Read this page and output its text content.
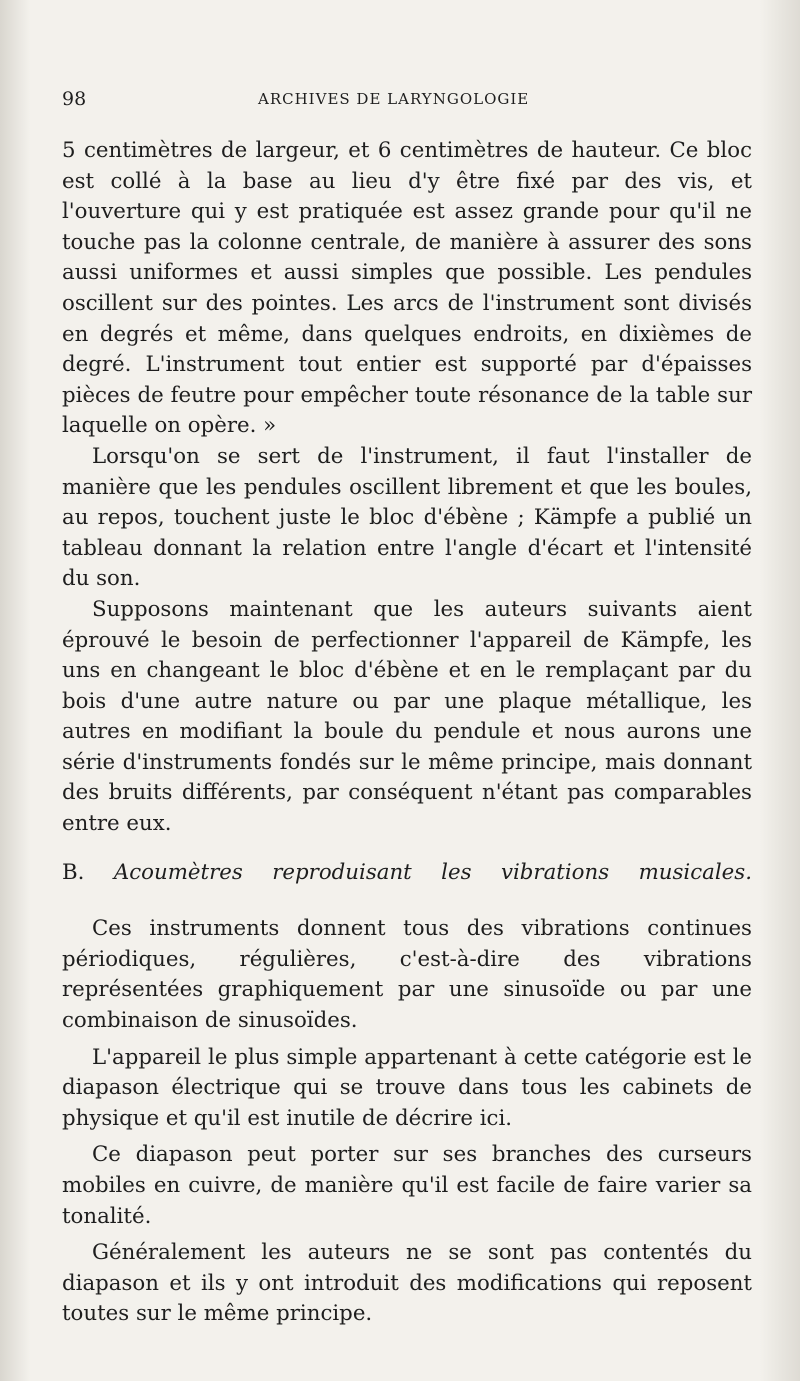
98	ARCHIVES DE LARYNGOLOGIE

5 centimètres de largeur, et 6 centimètres de hauteur. Ce bloc est collé à la base au lieu d'y être fixé par des vis, et l'ouverture qui y est pratiquée est assez grande pour qu'il ne touche pas la colonne centrale, de manière à assurer des sons aussi uniformes et aussi simples que possible. Les pendules oscillent sur des pointes. Les arcs de l'instrument sont divisés en degrés et même, dans quelques endroits, en dixièmes de degré. L'instrument tout entier est supporté par d'épaisses pièces de feutre pour empêcher toute résonance de la table sur laquelle on opère. »

Lorsqu'on se sert de l'instrument, il faut l'installer de manière que les pendules oscillent librement et que les boules, au repos, touchent juste le bloc d'ébène ; Kämpfe a publié un tableau donnant la relation entre l'angle d'écart et l'intensité du son.

Supposons maintenant que les auteurs suivants aient éprouvé le besoin de perfectionner l'appareil de Kämpfe, les uns en changeant le bloc d'ébène et en le remplaçant par du bois d'une autre nature ou par une plaque métallique, les autres en modifiant la boule du pendule et nous aurons une série d'instruments fondés sur le même principe, mais donnant des bruits différents, par conséquent n'étant pas comparables entre eux.

B. Acoumètres reproduisant les vibrations musicales.

Ces instruments donnent tous des vibrations continues périodiques, régulières, c'est-à-dire des vibrations représentées graphiquement par une sinusoïde ou par une combinaison de sinusoïdes.

L'appareil le plus simple appartenant à cette catégorie est le diapason électrique qui se trouve dans tous les cabinets de physique et qu'il est inutile de décrire ici.

Ce diapason peut porter sur ses branches des curseurs mobiles en cuivre, de manière qu'il est facile de faire varier sa tonalité.

Généralement les auteurs ne se sont pas contentés du diapason et ils y ont introduit des modifications qui reposent toutes sur le même principe.
